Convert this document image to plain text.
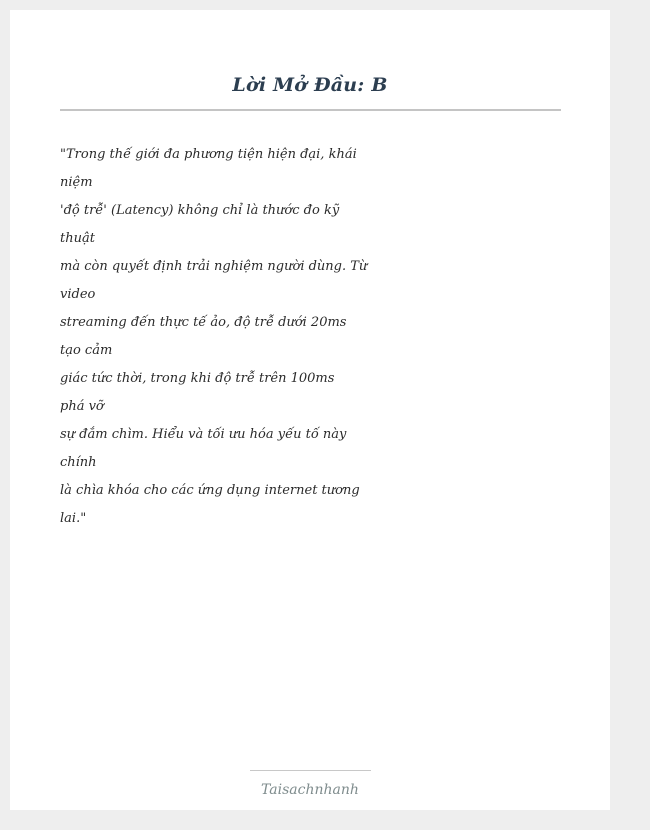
Lời Mở Đầu: B
"Trong thế giới đa phương tiện hiện đại, khái
niệm
'độ trễ' (Latency) không chỉ là thước đo kỹ
thuật
mà còn quyết định trải nghiệm người dùng. Từ
video
streaming đến thực tế ảo, độ trễ dưới 20ms
tạo cảm
giác tức thời, trong khi độ trễ trên 100ms
phá vỡ
sự đắm chìm. Hiểu và tối ưu hóa yếu tố này
chính
là chìa khóa cho các ứng dụng internet tương
lai."
Taisachnhanh
